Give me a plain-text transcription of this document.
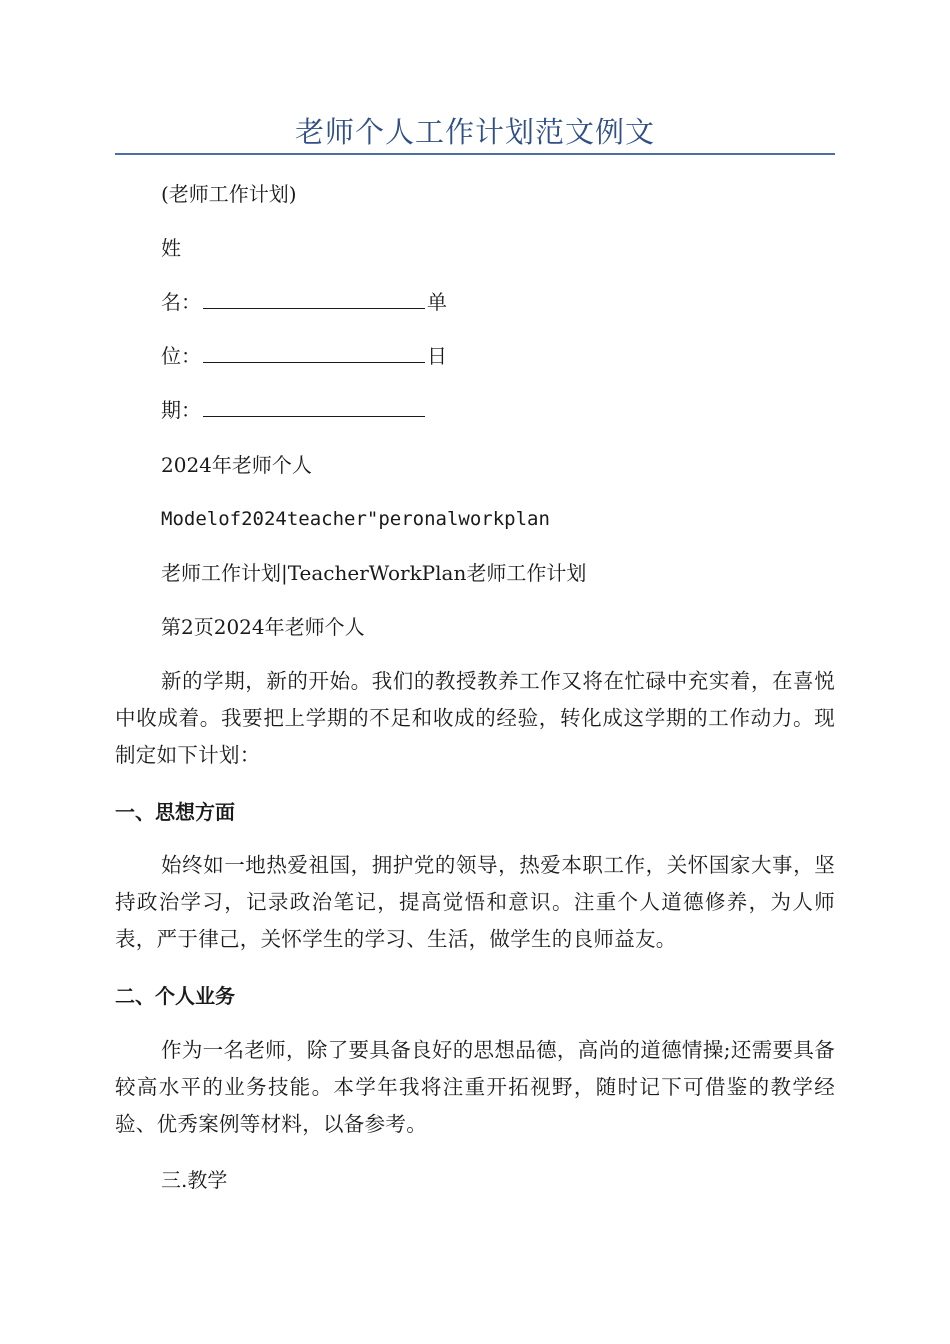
老师个人工作计划范文例文
(老师工作计划)
姓
名：	单
位：	日
期：
2024年老师个人
Modelof2024teacher"peronalworkplan
老师工作计划|TeacherWorkPlan老师工作计划
第2页2024年老师个人
新的学期，新的开始。我们的教授教养工作又将在忙碌中充实着，在喜悦中收成着。我要把上学期的不足和收成的经验，转化成这学期的工作动力。现制定如下计划：
一、思想方面
始终如一地热爱祖国，拥护党的领导，热爱本职工作，关怀国家大事，坚持政治学习，记录政治笔记，提高觉悟和意识。注重个人道德修养，为人师表，严于律己，关怀学生的学习、生活，做学生的良师益友。
二、个人业务
作为一名老师，除了要具备良好的思想品德，高尚的道德情操;还需要具备较高水平的业务技能。本学年我将注重开拓视野，随时记下可借鉴的教学经验、优秀案例等材料，以备参考。
三.教学
